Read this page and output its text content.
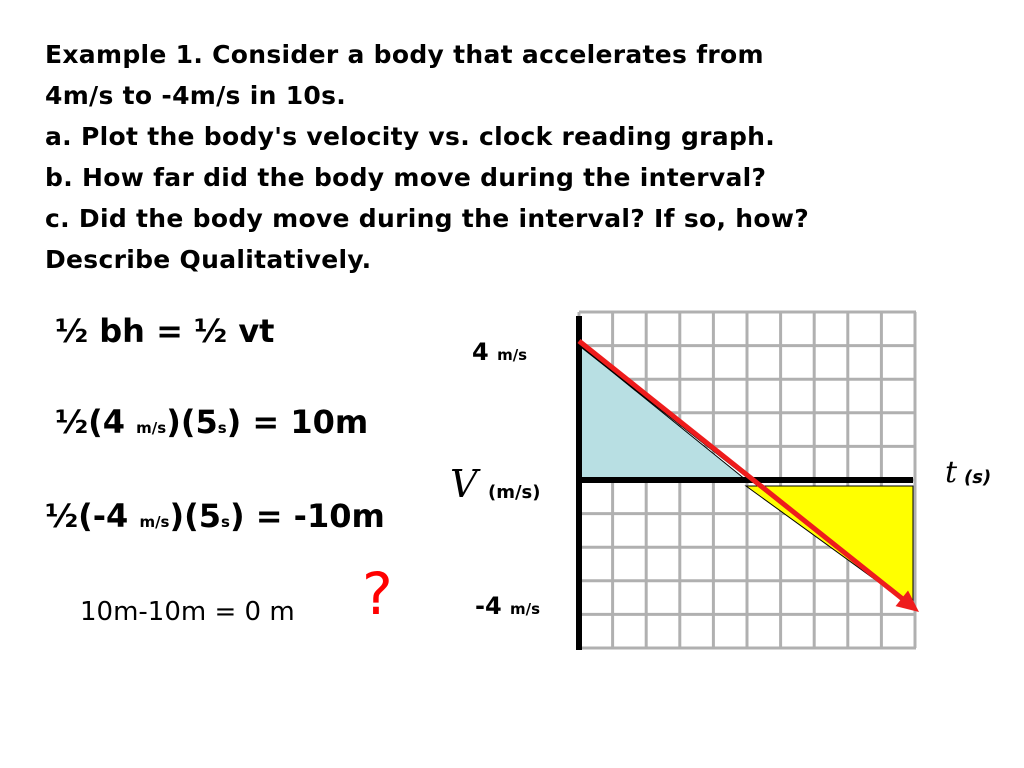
Example 1. Consider a body that accelerates from
4m/s to -4m/s in 10s.
a. Plot the body's velocity vs. clock reading graph.
b. How far did the body move during the interval?
c. Did the body move during the interval? If so, how?
Describe Qualitatively.
½ bh = ½ vt
½(4 m/s)(5s) = 10m
½(-4 m/s)(5s) = -10m
10m-10m = 0 m ?
4 m/s
-4 m/s
V (m/s)
t (s)
